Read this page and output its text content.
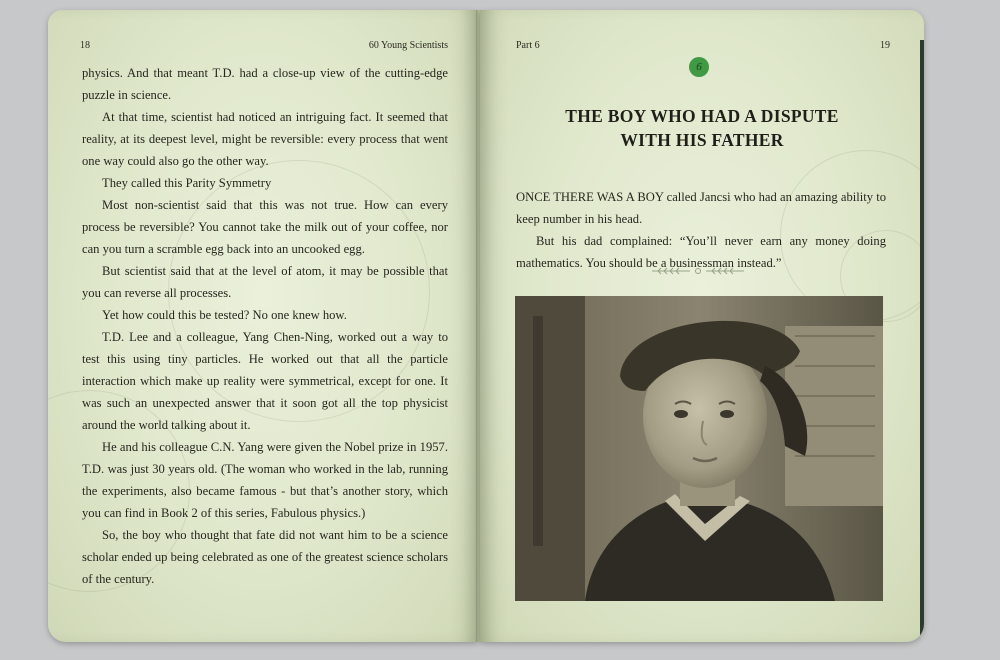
18	60 Young Scientists

physics. And that meant T.D. had a close-up view of the cutting-edge puzzle in science.

At that time, scientist had noticed an intriguing fact. It seemed that reality, at its deepest level, might be reversible: every process that went one way could also go the other way.

They called this Parity Symmetry

Most non-scientist said that this was not true. How can every process be reversible? You cannot take the milk out of your coffee, nor can you turn a scramble egg back into an uncooked egg.

But scientist said that at the level of atom, it may be possible that you can reverse all processes.

Yet how could this be tested? No one knew how.

T.D. Lee and a colleague, Yang Chen-Ning, worked out a way to test this using tiny particles. He worked out that all the particle interaction which make up reality were symmetrical, except for one. It was such an unexpected answer that it soon got all the top physicist around the world talking about it.

He and his colleague C.N. Yang were given the Nobel prize in 1957. T.D. was just 30 years old. (The woman who worked in the lab, running the experiments, also became famous - but that’s another story, which you can find in Book 2 of this series, Fabulous physics.)

So, the boy who thought that fate did not want him to be a science scholar ended up being celebrated as one of the greatest science scholars of the century.

Part 6	19
6
THE BOY WHO HAD A DISPUTE
WITH HIS FATHER

ONCE THERE WAS A BOY called Jancsi who had an amazing ability to keep number in his head.

But his dad complained: “You’ll never earn any money doing mathematics. You should be a businessman instead.”
